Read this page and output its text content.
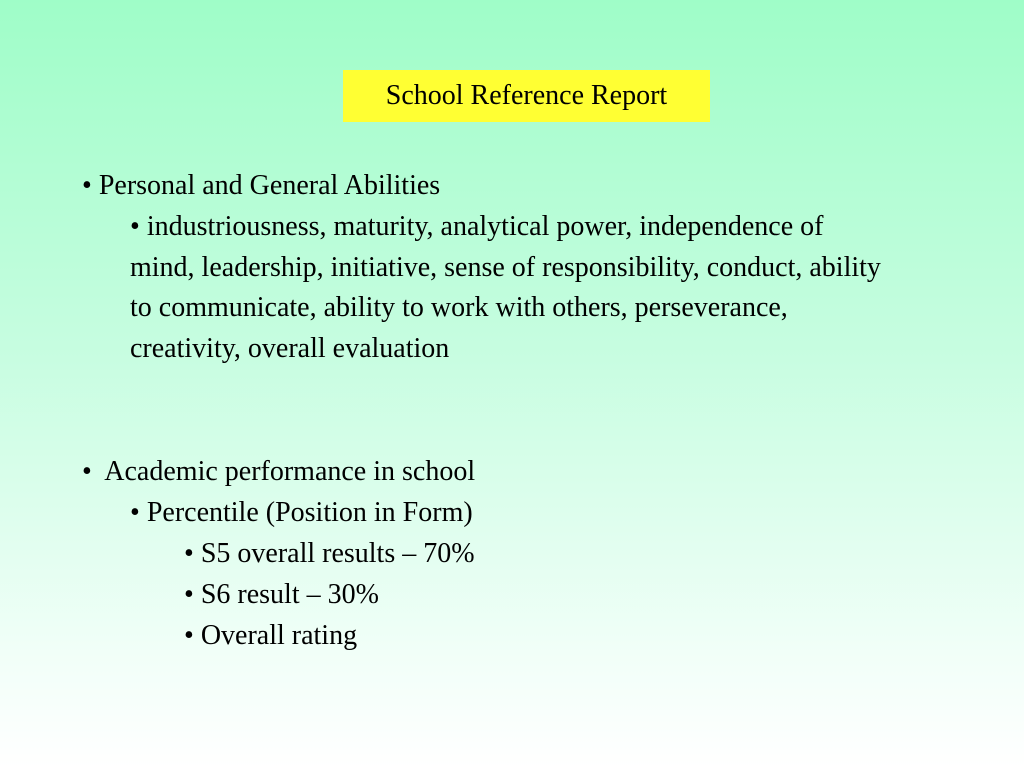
School Reference Report

• Personal and General Abilities

• industriousness, maturity, analytical power, independence of mind, leadership, initiative, sense of responsibility, conduct, ability to communicate, ability to work with others, perseverance, creativity, overall evaluation

• Academic performance in school

• Percentile (Position in Form)

• S5 overall results – 70%

• S6 result – 30%

• Overall rating
